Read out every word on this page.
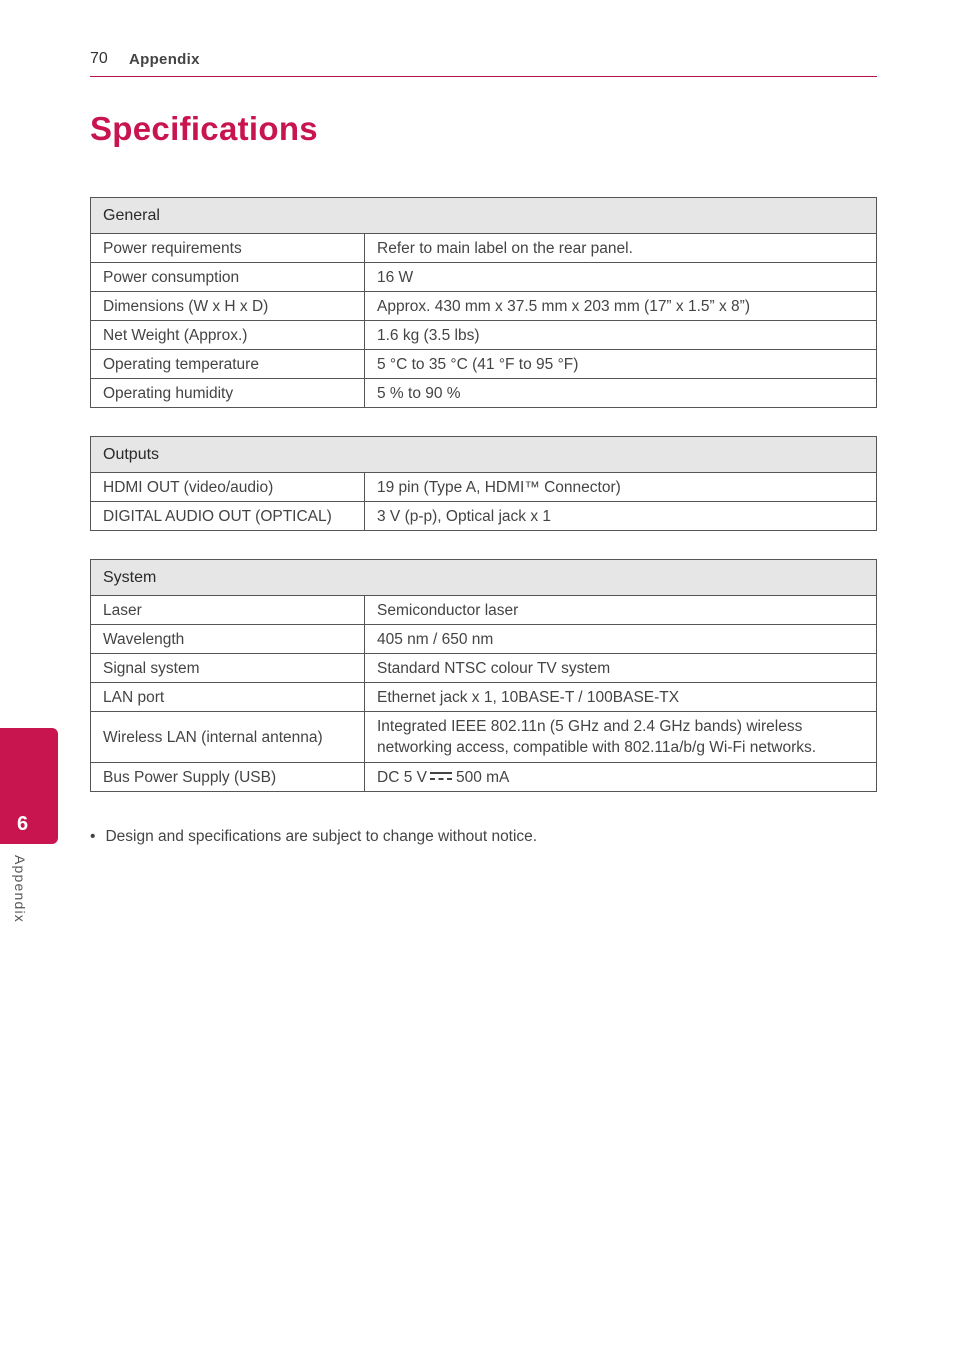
70 Appendix
Specifications
General	
Power requirements	Refer to main label on the rear panel.
Power consumption	16 W
Dimensions (W x H x D)	Approx. 430 mm x 37.5 mm x 203 mm (17” x 1.5” x 8”)
Net Weight (Approx.)	1.6 kg (3.5 lbs)
Operating temperature	5 °C to 35 °C (41 °F to 95 °F)
Operating humidity	5 % to 90 %
Outputs	
HDMI OUT (video/audio)	19 pin (Type A, HDMI™ Connector)
DIGITAL AUDIO OUT (OPTICAL)	3 V (p-p), Optical jack x 1
System	
Laser	Semiconductor laser
Wavelength	405 nm / 650 nm
Signal system	Standard NTSC colour TV system
LAN port	Ethernet jack x 1, 10BASE-T / 100BASE-TX
Wireless LAN (internal antenna)	Integrated IEEE 802.11n (5 GHz and 2.4 GHz bands) wireless
networking access, compatible with 802.11a/b/g Wi-Fi networks.
Bus Power Supply (USB)	DC 5 V 500 mA
• Design and specifications are subject to change without notice.
6
Appendix
